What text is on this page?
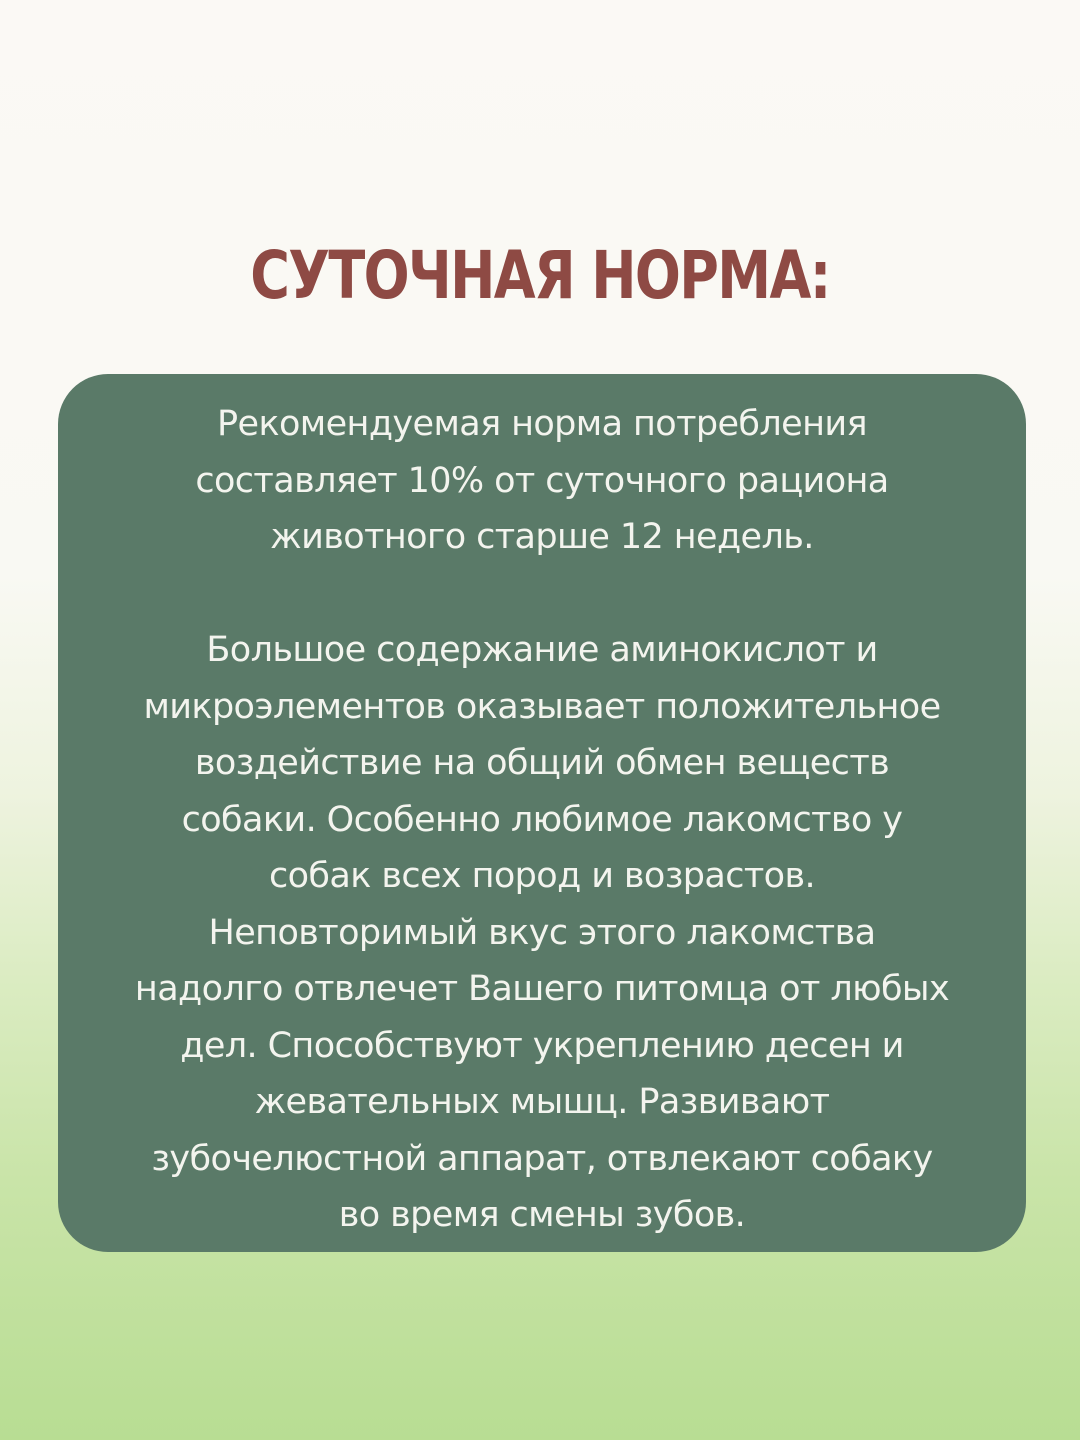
СУТОЧНАЯ НОРМА:

Рекомендуемая норма потребления
составляет 10% от суточного рациона
животного старше 12 недель.

Большое содержание аминокислот и
микроэлементов оказывает положительное
воздействие на общий обмен веществ
собаки. Особенно любимое лакомство у
собак всех пород и возрастов.
Неповторимый вкус этого лакомства
надолго отвлечет Вашего питомца от любых
дел. Способствуют укреплению десен и
жевательных мышц. Развивают
зубочелюстной аппарат, отвлекают собаку
во время смены зубов.
